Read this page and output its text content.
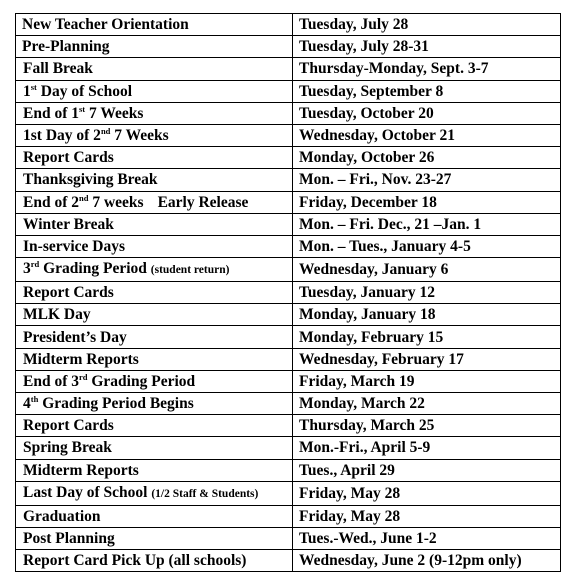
New Teacher Orientation	Tuesday, July 28
Pre-Planning	Tuesday, July 28-31
Fall Break	Thursday-Monday, Sept. 3-7
1st Day of School	Tuesday, September 8
End of 1st 7 Weeks	Tuesday, October 20
1st Day of 2nd 7 Weeks	Wednesday, October 21
Report Cards	Monday, October 26
Thanksgiving Break	Mon. – Fri., Nov. 23-27
End of 2nd 7 weeks Early Release	Friday, December 18
Winter Break	Mon. – Fri. Dec., 21 –Jan. 1
In-service Days	Mon. – Tues., January 4-5
3rd Grading Period (student return)	Wednesday, January 6
Report Cards	Tuesday, January 12
MLK Day	Monday, January 18
President’s Day	Monday, February 15
Midterm Reports	Wednesday, February 17
End of 3rd Grading Period	Friday, March 19
4th Grading Period Begins	Monday, March 22
Report Cards	Thursday, March 25
Spring Break	Mon.-Fri., April 5-9
Midterm Reports	Tues., April 29
Last Day of School (1/2 Staff & Students)	Friday, May 28
Graduation	Friday, May 28
Post Planning	Tues.-Wed., June 1-2
Report Card Pick Up (all schools)	Wednesday, June 2 (9-12pm only)
